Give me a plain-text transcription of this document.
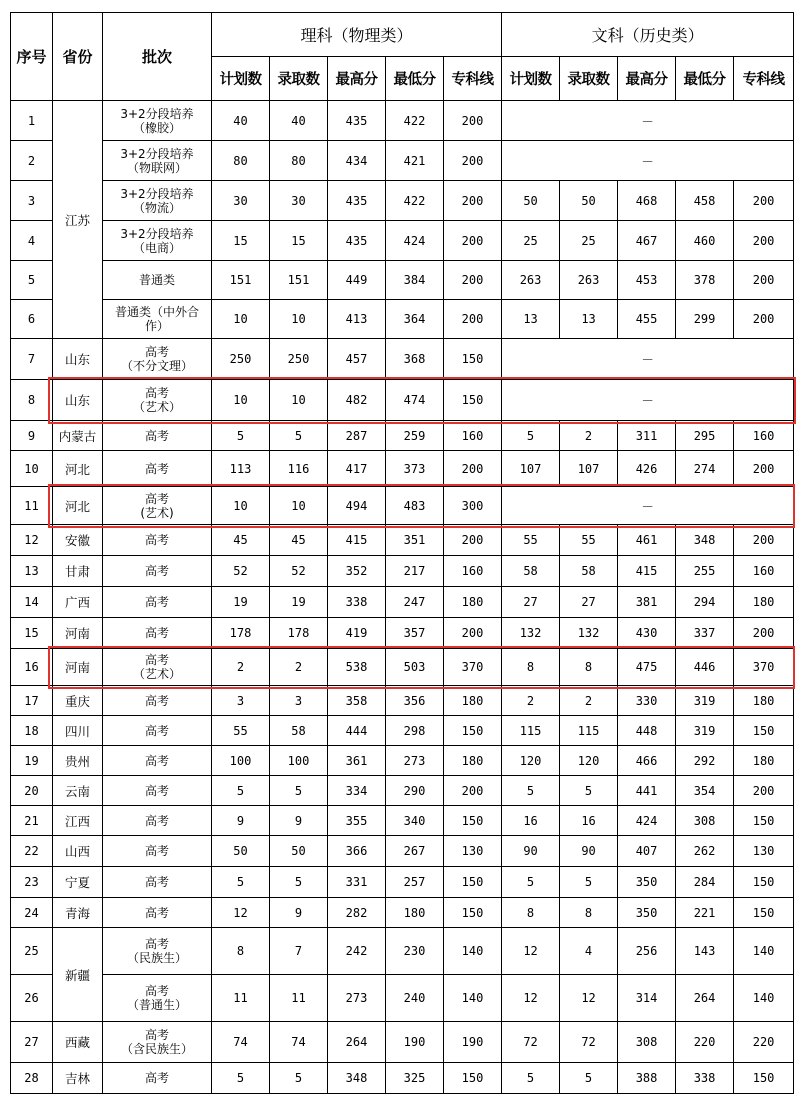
序号	省份	批次	理科（物理类）					文科（历史类）				
			计划数	录取数	最高分	最低分	专科线	计划数	录取数	最高分	最低分	专科线
1	江苏	3+2分段培养
（橡胶）	40	40	435	422	200	－				
2		3+2分段培养
（物联网）	80	80	434	421	200	－				
3		3+2分段培养
（物流）	30	30	435	422	200	50	50	468	458	200
4		3+2分段培养
（电商）	15	15	435	424	200	25	25	467	460	200
5		普通类	151	151	449	384	200	263	263	453	378	200
6		普通类（中外合
作）	10	10	413	364	200	13	13	455	299	200
7	山东	高考
（不分文理）	250	250	457	368	150	－				
8	山东	高考
（艺术）	10	10	482	474	150	－				
9	内蒙古	高考	5	5	287	259	160	5	2	311	295	160
10	河北	高考	113	116	417	373	200	107	107	426	274	200
11	河北	高考
(艺术)	10	10	494	483	300	－				
12	安徽	高考	45	45	415	351	200	55	55	461	348	200
13	甘肃	高考	52	52	352	217	160	58	58	415	255	160
14	广西	高考	19	19	338	247	180	27	27	381	294	180
15	河南	高考	178	178	419	357	200	132	132	430	337	200
16	河南	高考
（艺术）	2	2	538	503	370	8	8	475	446	370
17	重庆	高考	3	3	358	356	180	2	2	330	319	180
18	四川	高考	55	58	444	298	150	115	115	448	319	150
19	贵州	高考	100	100	361	273	180	120	120	466	292	180
20	云南	高考	5	5	334	290	200	5	5	441	354	200
21	江西	高考	9	9	355	340	150	16	16	424	308	150
22	山西	高考	50	50	366	267	130	90	90	407	262	130
23	宁夏	高考	5	5	331	257	150	5	5	350	284	150
24	青海	高考	12	9	282	180	150	8	8	350	221	150
25	新疆	高考
（民族生）	8	7	242	230	140	12	4	256	143	140
26		高考
（普通生）	11	11	273	240	140	12	12	314	264	140
27	西藏	高考
（含民族生）	74	74	264	190	190	72	72	308	220	220
28	吉林	高考	5	5	348	325	150	5	5	388	338	150
